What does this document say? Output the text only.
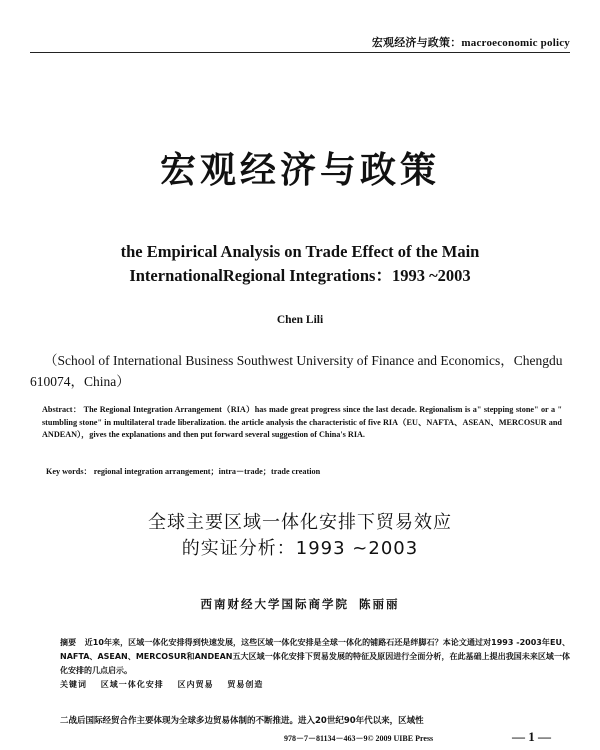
宏观经济与政策：macroeconomic policy
宏观经济与政策
the Empirical Analysis on Trade Effect of the Main
InternationalRegional Integrations：1993 ~2003
Chen Lili
（School of International Business Southwest University of Finance and Economics，Chengdu 610074，China）
Abstract： The Regional Integration Arrangement（RIA）has made great progress since the last decade. Regionalism is a" stepping stone" or a " stumbling stone" in multilateral trade liberalization. the article analysis the characteristic of five RIA（EU、NAFTA、ASEAN、MERCOSUR and ANDEAN），gives the explanations and then put forward several suggestion of China's RIA.
Key words： regional integration arrangement；intra－trade；trade creation
全球主要区域一体化安排下贸易效应
的实证分析：1993 ~2003
西南财经大学国际商学院 陈丽丽
摘要 近10年来，区域一体化安排得到快速发展，这些区域一体化安排是全球一体化的铺路石还是绊脚石？本论文通过对1993 -2003年EU、NAFTA、ASEAN、MERCOSUR和ANDEAN五大区域一体化安排下贸易发展的特征及原因进行全面分析，在此基础上提出我国未来区域一体化安排的几点启示。
关键词 区域一体化安排 区内贸易 贸易创造
二战后国际经贸合作主要体现为全球多边贸易体制的不断推进。进入20世纪90年代以来，区域性
978－7－81134－463－9© 2009 UIBE Press	— 1 —
